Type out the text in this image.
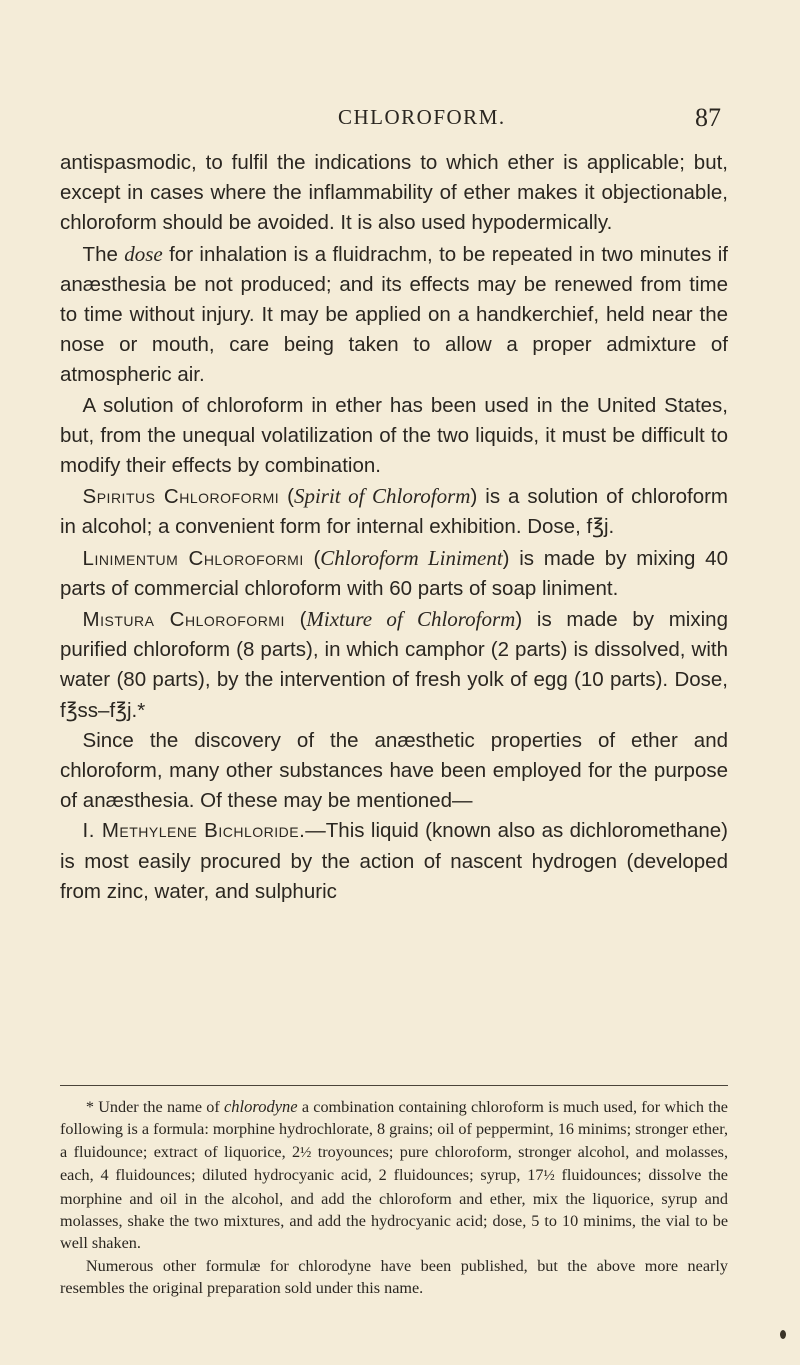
CHLOROFORM.	87

antispasmodic, to fulfil the indications to which ether is applicable; but, except in cases where the inflammability of ether makes it objectionable, chloroform should be avoided. It is also used hypodermically.

The dose for inhalation is a fluidrachm, to be repeated in two minutes if anæsthesia be not produced; and its effects may be renewed from time to time without injury. It may be applied on a handkerchief, held near the nose or mouth, care being taken to allow a proper admixture of atmospheric air.

A solution of chloroform in ether has been used in the United States, but, from the unequal volatilization of the two liquids, it must be difficult to modify their effects by combination.

Spiritus Chloroformi (Spirit of Chloroform) is a solution of chloroform in alcohol; a convenient form for internal exhibition. Dose, f℥j.

Linimentum Chloroformi (Chloroform Liniment) is made by mixing 40 parts of commercial chloroform with 60 parts of soap liniment.

Mistura Chloroformi (Mixture of Chloroform) is made by mixing purified chloroform (8 parts), in which camphor (2 parts) is dissolved, with water (80 parts), by the intervention of fresh yolk of egg (10 parts). Dose, f℥ss–f℥j.*

Since the discovery of the anæsthetic properties of ether and chloroform, many other substances have been employed for the purpose of anæsthesia. Of these may be mentioned—

I. Methylene Bichloride.—This liquid (known also as dichloromethane) is most easily procured by the action of nascent hydrogen (developed from zinc, water, and sulphuric

* Under the name of chlorodyne a combination containing chloroform is much used, for which the following is a formula: morphine hydrochlorate, 8 grains; oil of peppermint, 16 minims; stronger ether, a fluidounce; extract of liquorice, 2½ troyounces; pure chloroform, stronger alcohol, and molasses, each, 4 fluidounces; diluted hydrocyanic acid, 2 fluidounces; syrup, 17½ fluidounces; dissolve the morphine and oil in the alcohol, and add the chloroform and ether, mix the liquorice, syrup and molasses, shake the two mixtures, and add the hydrocyanic acid; dose, 5 to 10 minims, the vial to be well shaken.

Numerous other formulæ for chlorodyne have been published, but the above more nearly resembles the original preparation sold under this name.
